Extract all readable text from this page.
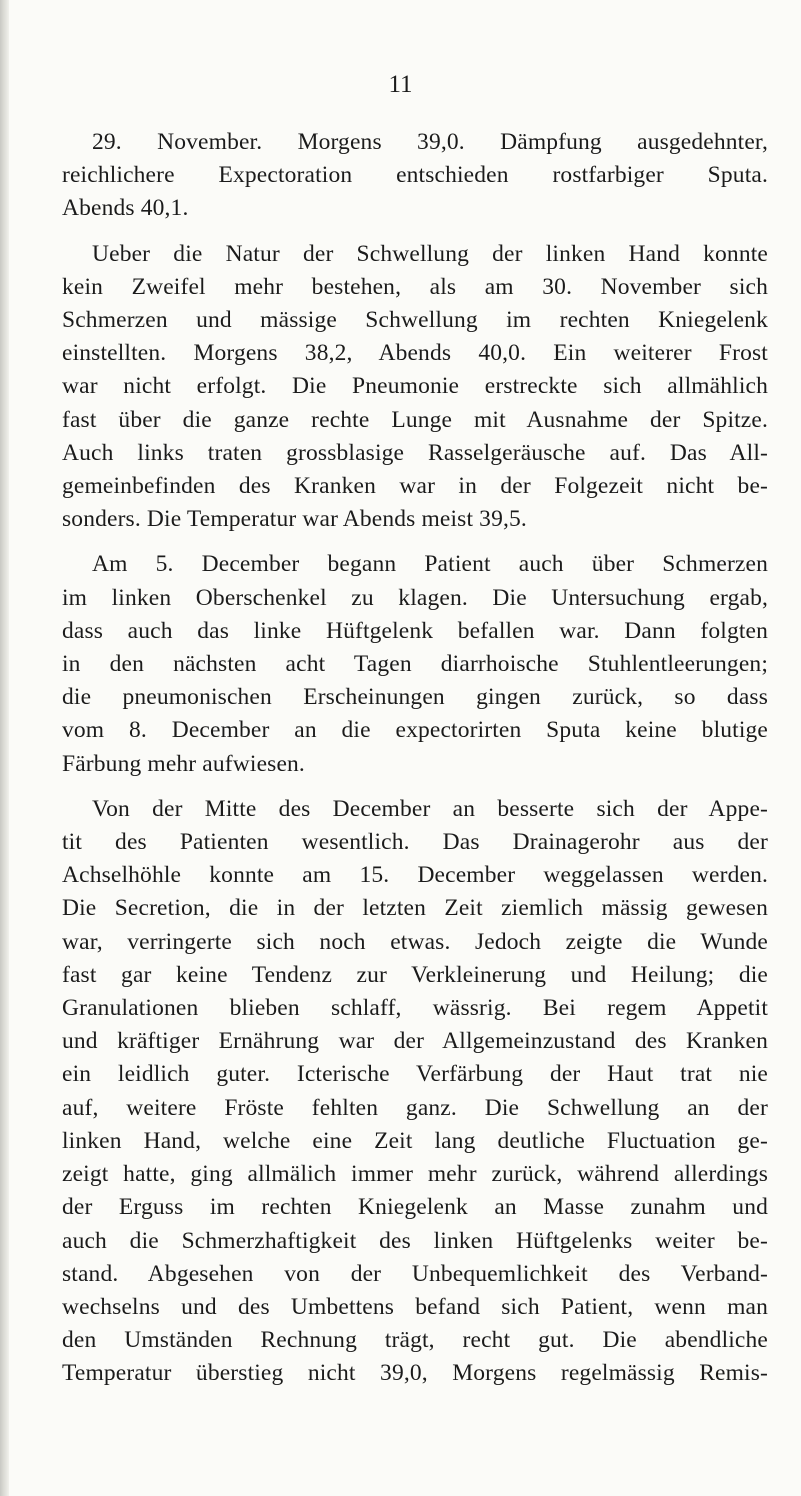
11

29. November. Morgens 39,0. Dämpfung ausgedehnter,
reichlichere Expectoration entschieden rostfarbiger Sputa.
Abends 40,1.

Ueber die Natur der Schwellung der linken Hand konnte
kein Zweifel mehr bestehen, als am 30. November sich
Schmerzen und mässige Schwellung im rechten Kniegelenk
einstellten. Morgens 38,2, Abends 40,0. Ein weiterer Frost
war nicht erfolgt. Die Pneumonie erstreckte sich allmählich
fast über die ganze rechte Lunge mit Ausnahme der Spitze.
Auch links traten grossblasige Rasselgeräusche auf. Das All-
gemeinbefinden des Kranken war in der Folgezeit nicht be-
sonders. Die Temperatur war Abends meist 39,5.

Am 5. December begann Patient auch über Schmerzen
im linken Oberschenkel zu klagen. Die Untersuchung ergab,
dass auch das linke Hüftgelenk befallen war. Dann folgten
in den nächsten acht Tagen diarrhoische Stuhlentleerungen;
die pneumonischen Erscheinungen gingen zurück, so dass
vom 8. December an die expectorirten Sputa keine blutige
Färbung mehr aufwiesen.

Von der Mitte des December an besserte sich der Appe-
tit des Patienten wesentlich. Das Drainagerohr aus der
Achselhöhle konnte am 15. December weggelassen werden.
Die Secretion, die in der letzten Zeit ziemlich mässig gewesen
war, verringerte sich noch etwas. Jedoch zeigte die Wunde
fast gar keine Tendenz zur Verkleinerung und Heilung; die
Granulationen blieben schlaff, wässrig. Bei regem Appetit
und kräftiger Ernährung war der Allgemeinzustand des Kranken
ein leidlich guter. Icterische Verfärbung der Haut trat nie
auf, weitere Fröste fehlten ganz. Die Schwellung an der
linken Hand, welche eine Zeit lang deutliche Fluctuation ge-
zeigt hatte, ging allmälich immer mehr zurück, während allerdings
der Erguss im rechten Kniegelenk an Masse zunahm und
auch die Schmerzhaftigkeit des linken Hüftgelenks weiter be-
stand. Abgesehen von der Unbequemlichkeit des Verband-
wechselns und des Umbettens befand sich Patient, wenn man
den Umständen Rechnung trägt, recht gut. Die abendliche
Temperatur überstieg nicht 39,0, Morgens regelmässig Remis-
